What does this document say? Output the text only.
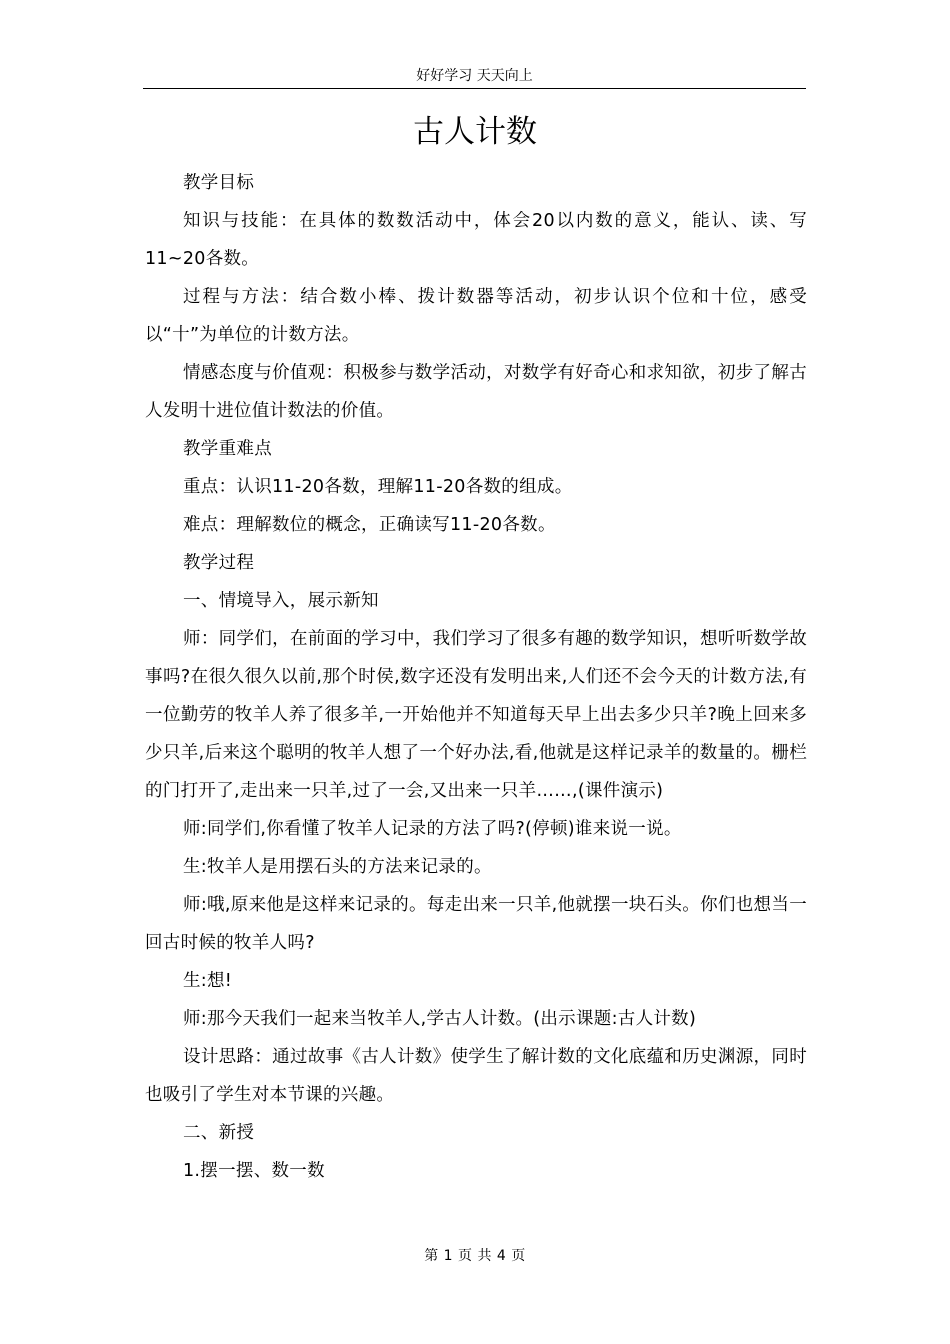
好好学习 天天向上
古人计数

教学目标

知识与技能：在具体的数数活动中，体会20以内数的意义，能认、读、写11~20各数。

过程与方法：结合数小棒、拨计数器等活动，初步认识个位和十位，感受以“十”为单位的计数方法。

情感态度与价值观：积极参与数学活动，对数学有好奇心和求知欲，初步了解古人发明十进位值计数法的价值。

教学重难点

重点：认识11-20各数，理解11-20各数的组成。

难点：理解数位的概念，正确读写11-20各数。

教学过程

一、情境导入，展示新知

师：同学们，在前面的学习中，我们学习了很多有趣的数学知识，想听听数学故事吗?在很久很久以前,那个时侯,数字还没有发明出来,人们还不会今天的计数方法,有一位勤劳的牧羊人养了很多羊,一开始他并不知道每天早上出去多少只羊?晚上回来多少只羊,后来这个聪明的牧羊人想了一个好办法,看,他就是这样记录羊的数量的。栅栏的门打开了,走出来一只羊,过了一会,又出来一只羊……,(课件演示)

师:同学们,你看懂了牧羊人记录的方法了吗?(停顿)谁来说一说。

生:牧羊人是用摆石头的方法来记录的。

师:哦,原来他是这样来记录的。每走出来一只羊,他就摆一块石头。你们也想当一回古时候的牧羊人吗?

生:想!

师:那今天我们一起来当牧羊人,学古人计数。(出示课题:古人计数)

设计思路：通过故事《古人计数》使学生了解计数的文化底蕴和历史渊源，同时也吸引了学生对本节课的兴趣。

二、新授

1.摆一摆、数一数

第 1 页 共 4 页
